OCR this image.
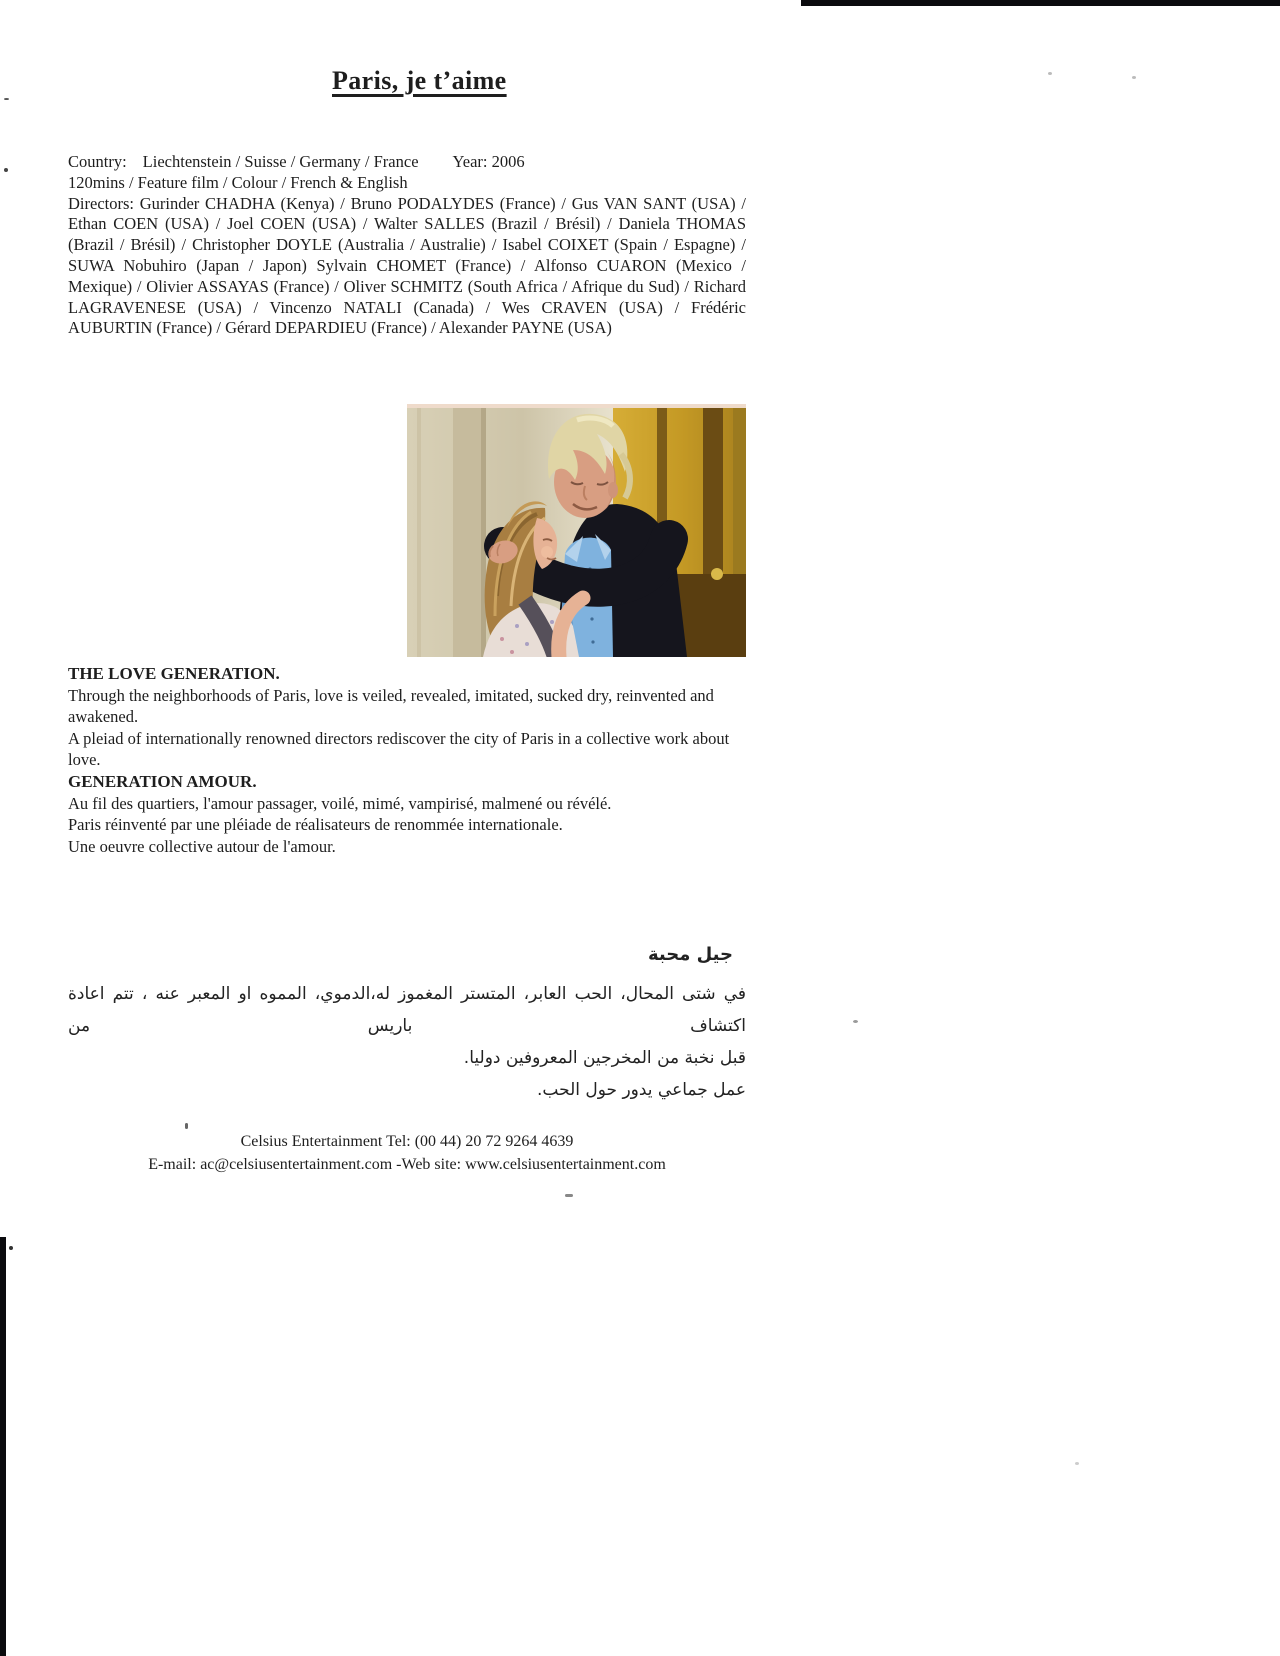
Paris, je t’aime
Country: Liechtenstein / Suisse / Germany / France Year: 2006
120mins / Feature film / Colour / French & English

Directors: Gurinder CHADHA (Kenya) / Bruno PODALYDES (France) / Gus VAN SANT (USA) / Ethan COEN (USA) / Joel COEN (USA) / Walter SALLES (Brazil / Brésil) / Daniela THOMAS (Brazil / Brésil) / Christopher DOYLE (Australia / Australie) / Isabel COIXET (Spain / Espagne) / SUWA Nobuhiro (Japan / Japon) Sylvain CHOMET (France) / Alfonso CUARON (Mexico / Mexique) / Olivier ASSAYAS (France) / Oliver SCHMITZ (South Africa / Afrique du Sud) / Richard LAGRAVENESE (USA) / Vincenzo NATALI (Canada) / Wes CRAVEN (USA) / Frédéric AUBURTIN (France) / Gérard DEPARDIEU (France) / Alexander PAYNE (USA)

THE LOVE GENERATION.

Through the neighborhoods of Paris, love is veiled, revealed, imitated, sucked dry, reinvented and awakened.

A pleiad of internationally renowned directors rediscover the city of Paris in a collective work about love.

GENERATION AMOUR.

Au fil des quartiers, l'amour passager, voilé, mimé, vampirisé, malmené ou révélé.

Paris réinventé par une pléiade de réalisateurs de renommée internationale.

Une oeuvre collective autour de l'amour.

جيل محبة
في شتى المحال، الحب العابر، المتستر المغموز له،الدموي، المموه او المعبر عنه ، تتم اعادة اكتشاف باريس من
قبل نخبة من المخرجين المعروفين دوليا.
عمل جماعي يدور حول الحب.
Celsius Entertainment Tel: (00 44) 20 72 9264 4639
E-mail: ac@celsiusentertainment.com -Web site: www.celsiusentertainment.com
